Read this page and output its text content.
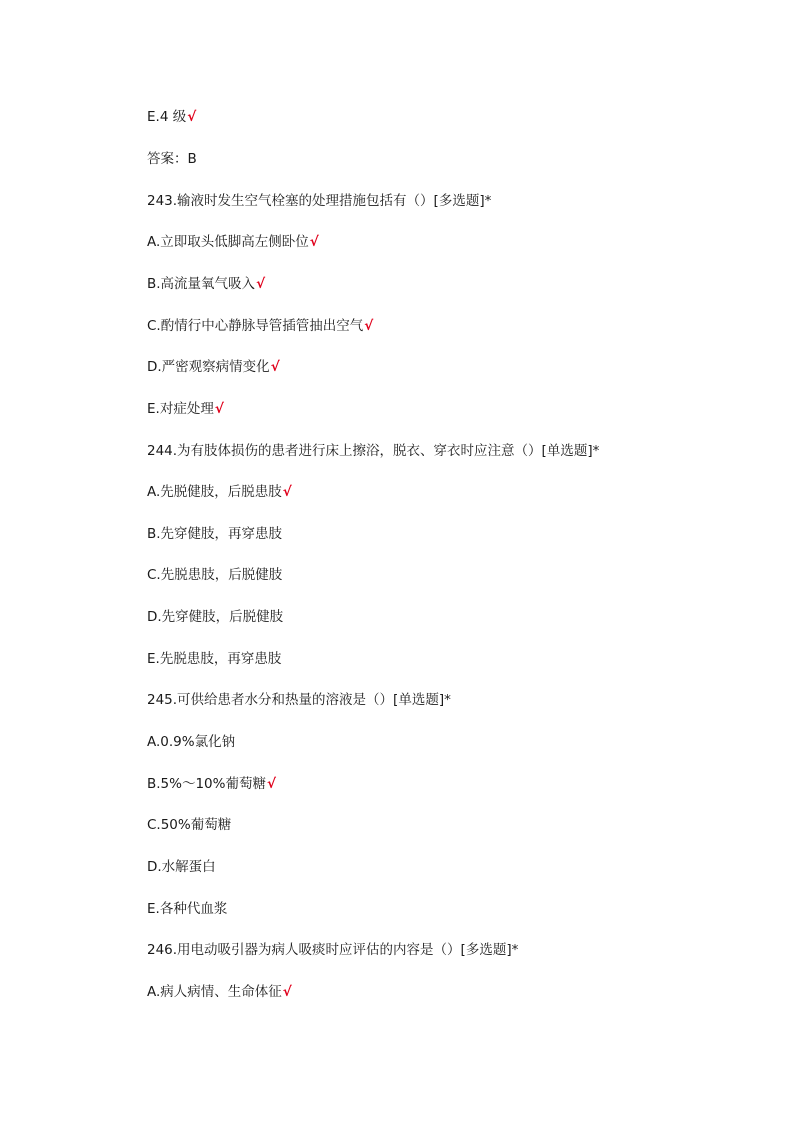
E.4 级√
答案：B
243.输液时发生空气栓塞的处理措施包括有（）[多选题]*
A.立即取头低脚高左侧卧位√
B.高流量氧气吸入√
C.酌情行中心静脉导管插管抽出空气√
D.严密观察病情变化√
E.对症处理√
244.为有肢体损伤的患者进行床上擦浴，脱衣、穿衣时应注意（）[单选题]*
A.先脱健肢，后脱患肢√
B.先穿健肢，再穿患肢
C.先脱患肢，后脱健肢
D.先穿健肢，后脱健肢
E.先脱患肢，再穿患肢
245.可供给患者水分和热量的溶液是（）[单选题]*
A.0.9%氯化钠
B.5%～10%葡萄糖√
C.50%葡萄糖
D.水解蛋白
E.各种代血浆
246.用电动吸引器为病人吸痰时应评估的内容是（）[多选题]*
A.病人病情、生命体征√
